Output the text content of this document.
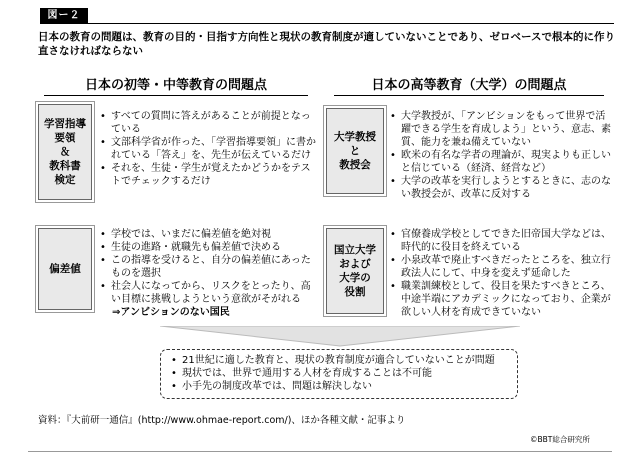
図ー２
日本の教育の問題は、教育の目的・目指す方向性と現状の教育制度が適していないことであり、ゼロベースで根本的に作り直さなければならない
日本の初等・中等教育の問題点	日本の高等教育（大学）の問題点
学習指導
要領
＆
教科書
検定
• すべての質問に答えがあることが前提となっている
• 文部科学省が作った、「学習指導要領」に書かれている「答え」を、先生が伝えているだけ
• それを、生徒・学生が覚えたかどうかをテストでチェックするだけ
偏差値
• 学校では、いまだに偏差値を絶対視
• 生徒の進路・就職先も偏差値で決める
• この指導を受けると、自分の偏差値にあったものを選択
• 社会人になってから、リスクをとったり、高い目標に挑戦しようという意欲がそがれる
⇒アンビションのない国民
大学教授
と
教授会
• 大学教授が、「アンビションをもって世界で活躍できる学生を育成しよう」という、意志、素質、能力を兼ね備えていない
• 欧米の有名な学者の理論が、現実よりも正しいと信じている（経済、経営など）
• 大学の改革を実行しようとするときに、志のない教授会が、改革に反対する
国立大学
および
大学の
役割
• 官僚養成学校としてできた旧帝国大学などは、時代的に役目を終えている
• 小泉改革で廃止すべきだったところを、独立行政法人にして、中身を変えず延命した
• 職業訓練校として、役目を果たすべきところ、中途半端にアカデミックになっており、企業が欲しい人材を育成できていない
• 21世紀に適した教育と、現状の教育制度が適合していないことが問題
• 現状では、世界で通用する人材を育成することは不可能
• 小手先の制度改革では、問題は解決しない
資料：『大前研一通信』(http://www.ohmae-report.com/)、ほか各種文献・記事より
©BBT総合研究所
